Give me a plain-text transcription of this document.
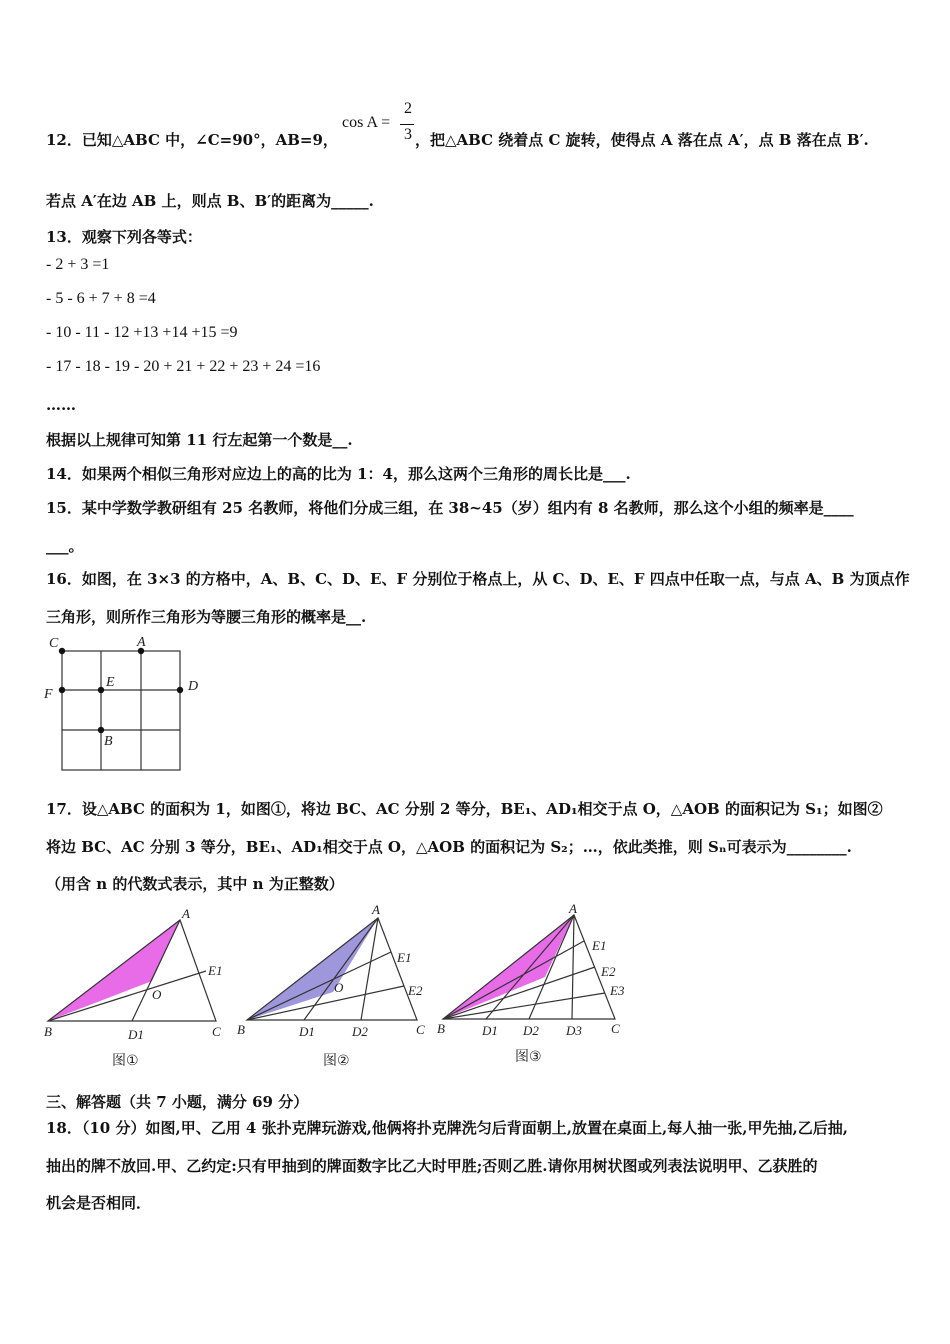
12．已知△ABC 中，∠C=90°，AB=9，
cos A =
2
3 ，把△ABC 绕着点 C 旋转，使得点 A 落在点 A′，点 B 落在点 B′.
若点 A′在边 AB 上，则点 B、B′的距离为_____.
13．观察下列各等式：
- 2 + 3 =1
- 5 - 6 + 7 + 8 =4
- 10 - 11 - 12 +13 +14 +15 =9
- 17 - 18 - 19 - 20 + 21 + 22 + 23 + 24 =16
……
根据以上规律可知第 11 行左起第一个数是__.
14．如果两个相似三角形对应边上的高的比为 1：4，那么这两个三角形的周长比是___.
15．某中学数学教研组有 25 名教师，将他们分成三组，在 38~45（岁）组内有 8 名教师，那么这个小组的频率是____
___。
16．如图，在 3×3 的方格中，A、B、C、D、E、F 分别位于格点上，从 C、D、E、F 四点中任取一点，与点 A、B 为顶点作
三角形，则所作三角形为等腰三角形的概率是__.
C	A
F
E	D
B
17．设△ABC 的面积为 1，如图①，将边 BC、AC 分别 2 等分，BE₁、AD₁相交于点 O，△AOB 的面积记为 S₁；如图②
将边 BC、AC 分别 3 等分，BE₁、AD₁相交于点 O，△AOB 的面积记为 S₂；…，依此类推，则 Sₙ可表示为________.
（用含 n 的代数式表示，其中 n 为正整数）
A
B	C
D1
E1
O
图①
A
B	C
D1	D2
E1
E2
O
图②
A
B	C
D1 D2 D3
E1
E2
E3
图③
三、解答题（共 7 小题，满分 69 分）
18．（10 分）如图,甲、乙用 4 张扑克牌玩游戏,他俩将扑克牌洗匀后背面朝上,放置在桌面上,每人抽一张,甲先抽,乙后抽,
抽出的牌不放回.甲、乙约定:只有甲抽到的牌面数字比乙大时甲胜;否则乙胜.请你用树状图或列表法说明甲、乙获胜的
机会是否相同．
